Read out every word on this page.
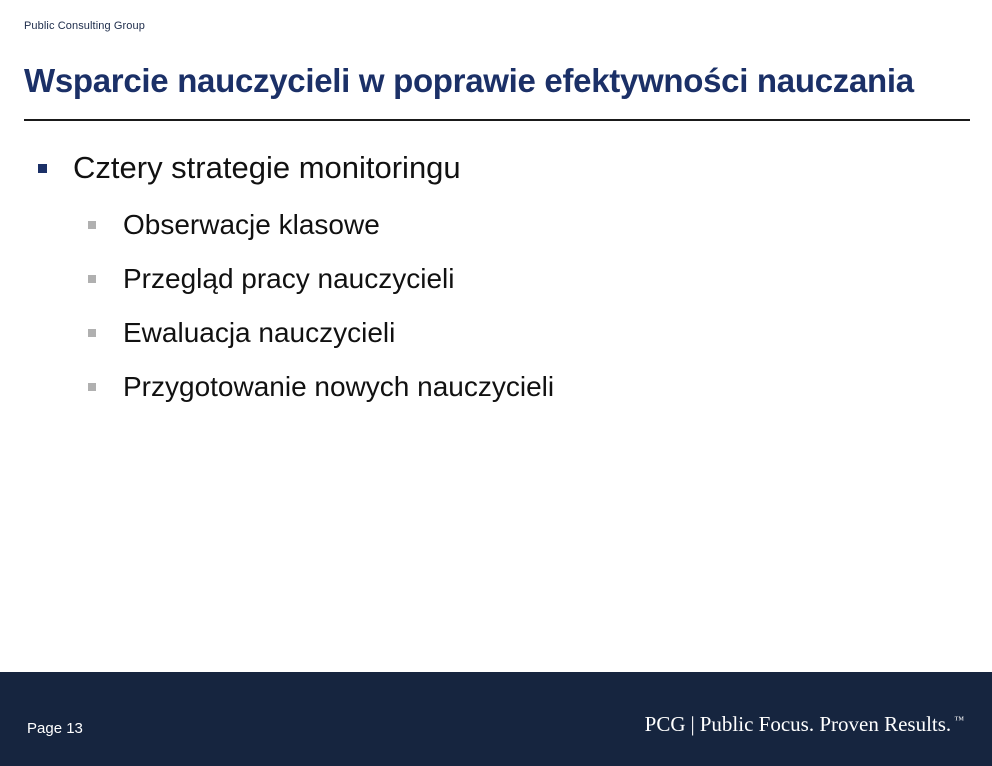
Public Consulting Group
Wsparcie nauczycieli w poprawie efektywności nauczania
Cztery strategie monitoringu
Obserwacje klasowe
Przegląd pracy nauczycieli
Ewaluacja nauczycieli
Przygotowanie nowych nauczycieli
Page 13	PCG | Public Focus. Proven Results. ™
